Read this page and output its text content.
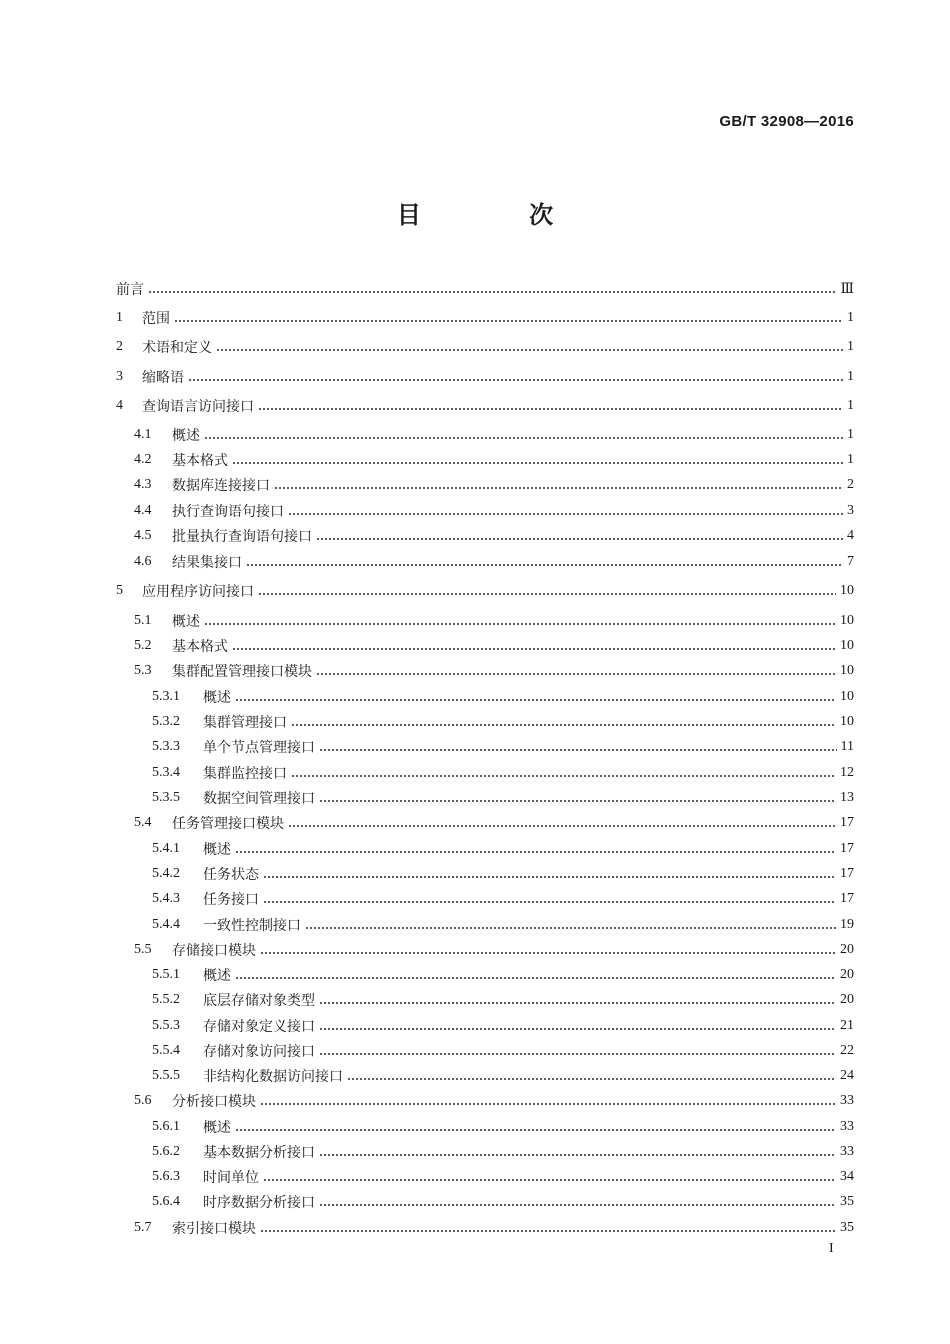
GB/T 32908—2016
目 次
前言	Ⅲ
1	范围	1
2	术语和定义	1
3	缩略语	1
4	查询语言访问接口	1
4.1	概述	1
4.2	基本格式	1
4.3	数据库连接接口	2
4.4	执行查询语句接口	3
4.5	批量执行查询语句接口	4
4.6	结果集接口	7
5	应用程序访问接口	10
5.1	概述	10
5.2	基本格式	10
5.3	集群配置管理接口模块	10
5.3.1	概述	10
5.3.2	集群管理接口	10
5.3.3	单个节点管理接口	11
5.3.4	集群监控接口	12
5.3.5	数据空间管理接口	13
5.4	任务管理接口模块	17
5.4.1	概述	17
5.4.2	任务状态	17
5.4.3	任务接口	17
5.4.4	一致性控制接口	19
5.5	存储接口模块	20
5.5.1	概述	20
5.5.2	底层存储对象类型	20
5.5.3	存储对象定义接口	21
5.5.4	存储对象访问接口	22
5.5.5	非结构化数据访问接口	24
5.6	分析接口模块	33
5.6.1	概述	33
5.6.2	基本数据分析接口	33
5.6.3	时间单位	34
5.6.4	时序数据分析接口	35
5.7	索引接口模块	35
I
